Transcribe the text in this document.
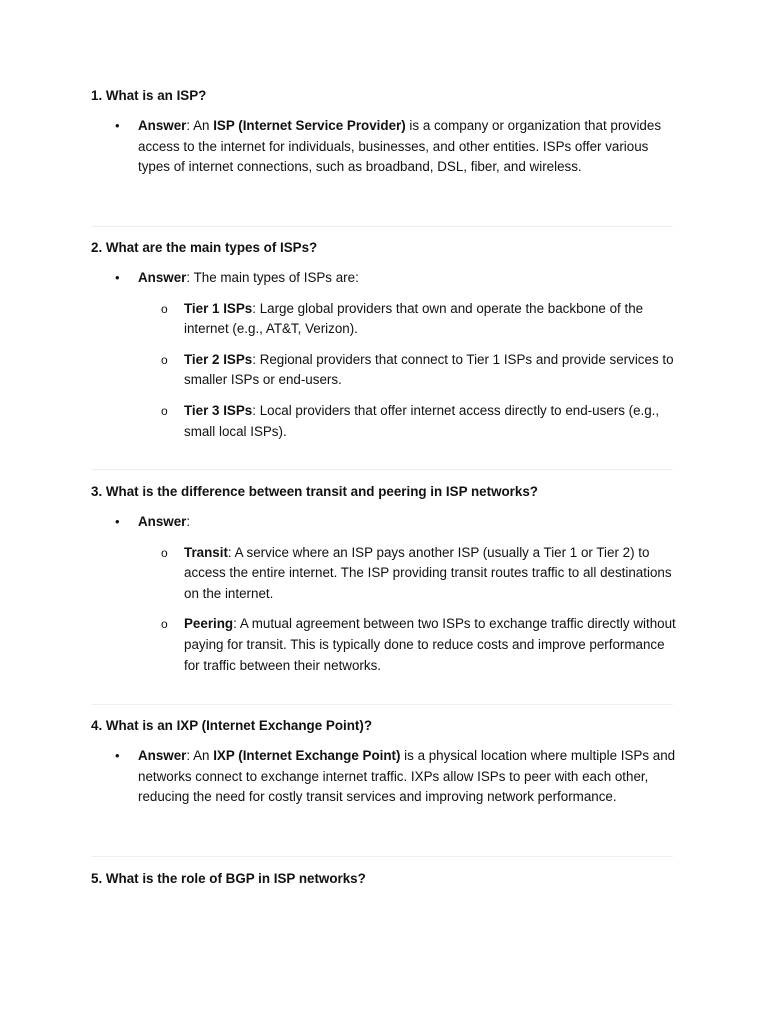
1. What is an ISP?

• Answer: An ISP (Internet Service Provider) is a company or organization that provides access to the internet for individuals, businesses, and other entities. ISPs offer various types of internet connections, such as broadband, DSL, fiber, and wireless.

2. What are the main types of ISPs?

• Answer: The main types of ISPs are:
o Tier 1 ISPs: Large global providers that own and operate the backbone of the internet (e.g., AT&T, Verizon).
o Tier 2 ISPs: Regional providers that connect to Tier 1 ISPs and provide services to smaller ISPs or end-users.
o Tier 3 ISPs: Local providers that offer internet access directly to end-users (e.g., small local ISPs).

3. What is the difference between transit and peering in ISP networks?

• Answer:
o Transit: A service where an ISP pays another ISP (usually a Tier 1 or Tier 2) to access the entire internet. The ISP providing transit routes traffic to all destinations on the internet.
o Peering: A mutual agreement between two ISPs to exchange traffic directly without paying for transit. This is typically done to reduce costs and improve performance for traffic between their networks.

4. What is an IXP (Internet Exchange Point)?

• Answer: An IXP (Internet Exchange Point) is a physical location where multiple ISPs and networks connect to exchange internet traffic. IXPs allow ISPs to peer with each other, reducing the need for costly transit services and improving network performance.

5. What is the role of BGP in ISP networks?
